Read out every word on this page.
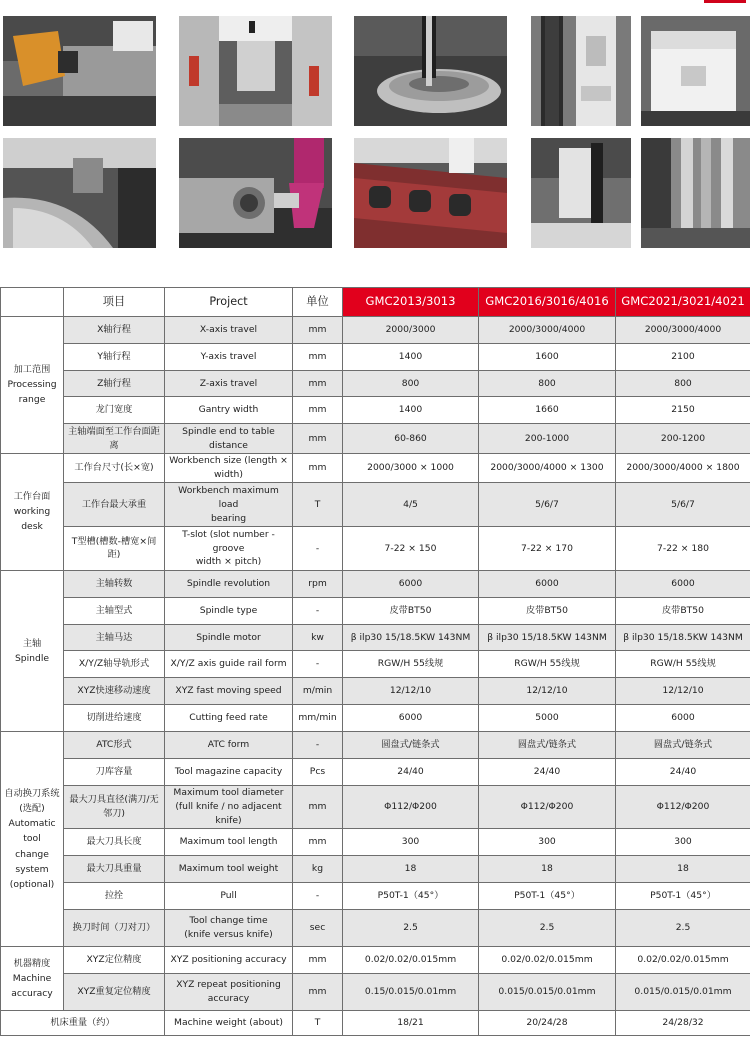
	项目	Project	单位	GMC2013/3013	GMC2016/3016/4016	GMC2021/3021/4021

加工范围
Processing
range	X轴行程	X-axis travel	mm	2000/3000	2000/3000/4000	2000/3000/4000
	Y轴行程	Y-axis travel	mm	1400	1600	2100
	Z轴行程	Z-axis travel	mm	800	800	800
	龙门宽度	Gantry width	mm	1400	1660	2150
	主轴端面至工作台面距离	Spindle end to table distance	mm	60-860	200-1000	200-1200

工作台面
working
desk	工作台尺寸(长×宽)	Workbench size (length × width)	mm	2000/3000 × 1000	2000/3000/4000 × 1300	2000/3000/4000 × 1800
	工作台最大承重	Workbench maximum load
bearing	T	4/5	5/6/7	5/6/7
	T型槽(槽数-槽宽×间距)	T-slot (slot number - groove
width × pitch)	-	7-22 × 150	7-22 × 170	7-22 × 180

主轴
Spindle	主轴转数	Spindle revolution	rpm	6000	6000	6000
	主轴型式	Spindle type	-	皮带BT50	皮带BT50	皮带BT50
	主轴马达	Spindle motor	kw	β ilp30 15/18.5KW 143NM	β ilp30 15/18.5KW 143NM	β ilp30 15/18.5KW 143NM
	X/Y/Z轴导轨形式	X/Y/Z axis guide rail form	-	RGW/H 55线规	RGW/H 55线规	RGW/H 55线规
	XYZ快速移动速度	XYZ fast moving speed	m/min	12/12/10	12/12/10	12/12/10
	切削进给速度	Cutting feed rate	mm/min	6000	5000	6000

自动换刀系统
(选配)
Automatic tool
change system
(optional)	ATC形式	ATC form	-	圆盘式/链条式	圆盘式/链条式	圆盘式/链条式
	刀库容量	Tool magazine capacity	Pcs	24/40	24/40	24/40
	最大刀具直径(满刀/无邻刀)	Maximum tool diameter
(full knife / no adjacent knife)	mm	Φ112/Φ200	Φ112/Φ200	Φ112/Φ200
	最大刀具长度	Maximum tool length	mm	300	300	300
	最大刀具重量	Maximum tool weight	kg	18	18	18
	拉拴	Pull	-	P50T-1（45°）	P50T-1（45°）	P50T-1（45°）
	换刀时间（刀对刀）	Tool change time
(knife versus knife)	sec	2.5	2.5	2.5

机器精度
Machine
accuracy	XYZ定位精度	XYZ positioning accuracy	mm	0.02/0.02/0.015mm	0.02/0.02/0.015mm	0.02/0.02/0.015mm
	XYZ重复定位精度	XYZ repeat positioning
accuracy	mm	0.15/0.015/0.01mm	0.015/0.015/0.01mm	0.015/0.015/0.01mm
机床重量（约）		Machine weight (about)	T	18/21	20/24/28	24/28/32
